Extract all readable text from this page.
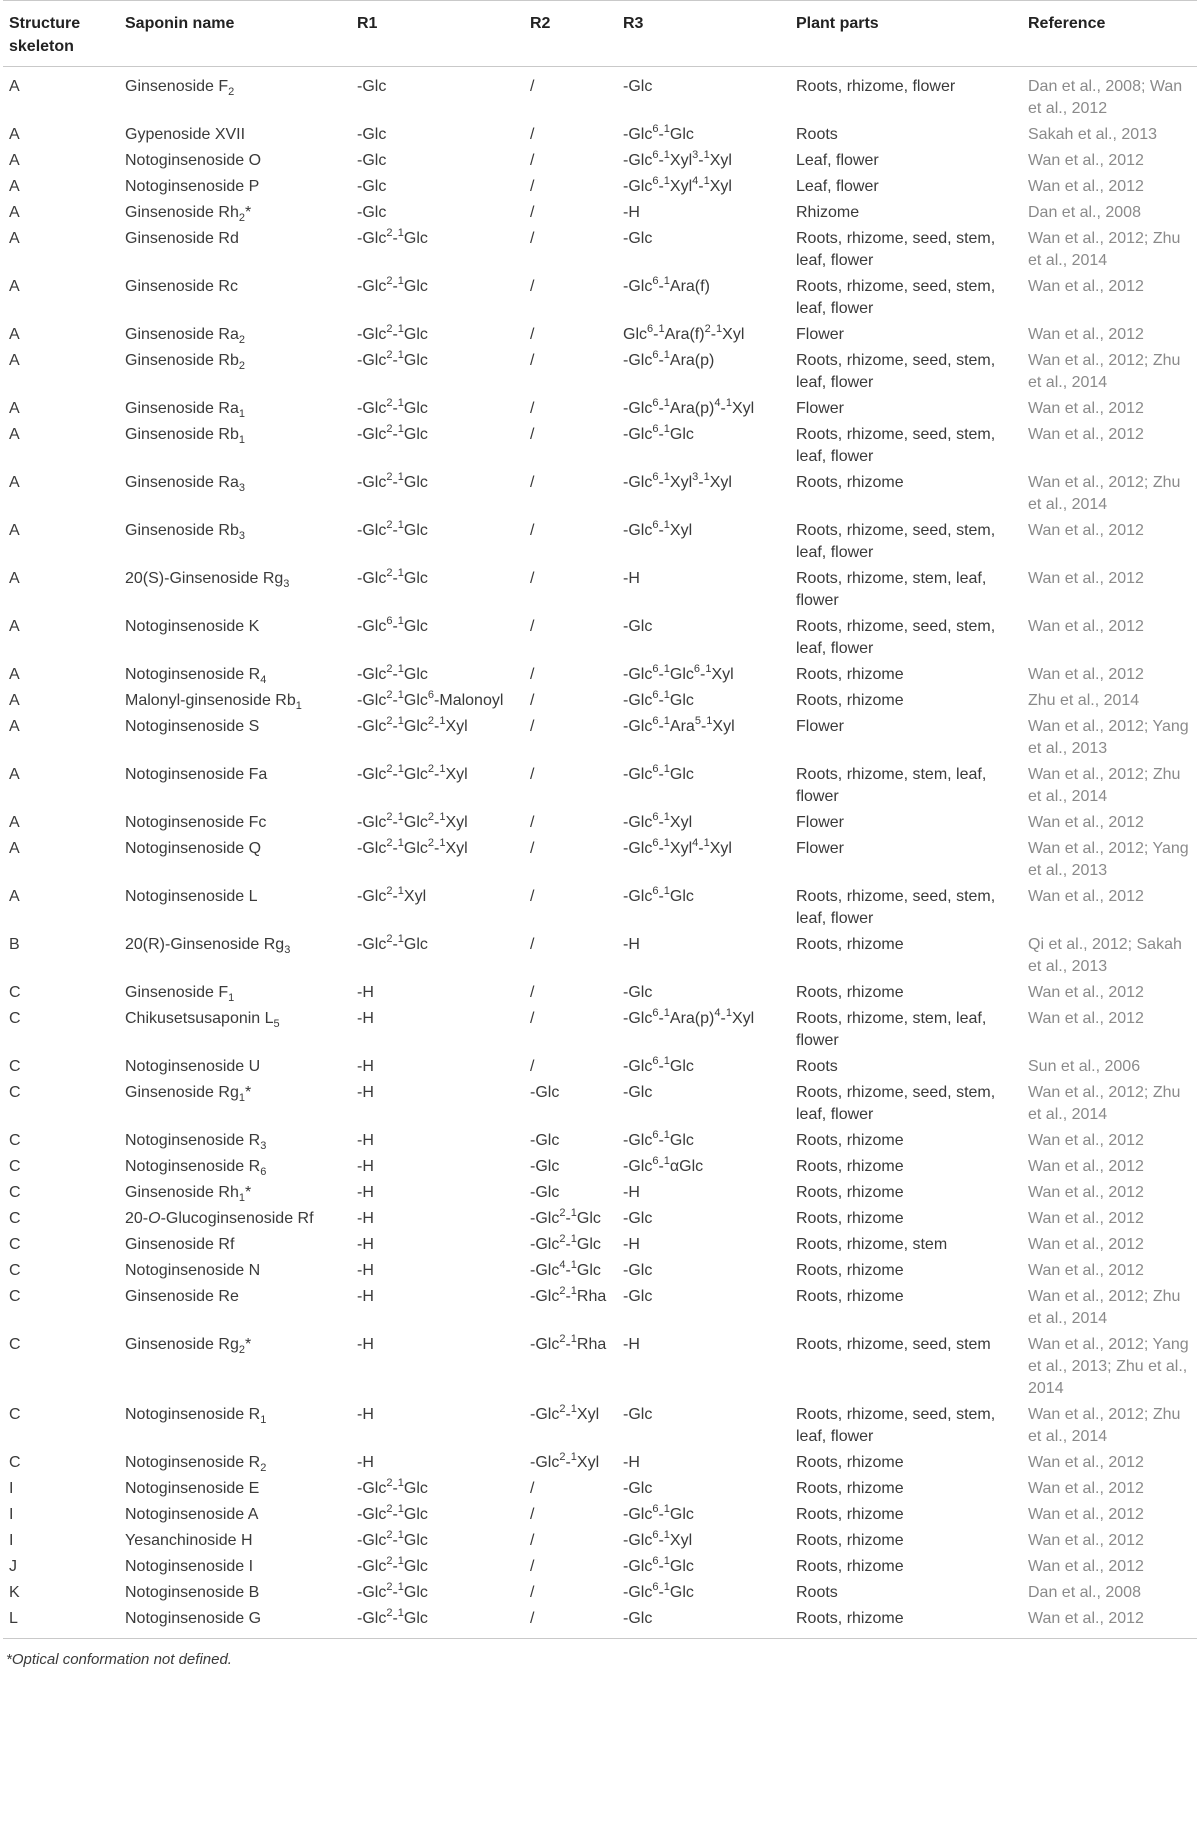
Structure skeleton	Saponin name	R1	R2	R3	Plant parts	Reference
A	Ginsenoside $F_2$	-Glc	/	-Glc	Roots, rhizome, flower	Dan et al., 2008; Wan et al., 2012
A	Gypenoside XVII	-Glc	/	-Glc$^6$-$^1$Glc	Roots	Sakah et al., 2013
A	Notoginsenoside O	-Glc	/	-Glc$^6$-$^1$Xyl$^3$-$^1$Xyl	Leaf, flower	Wan et al., 2012
A	Notoginsenoside P	-Glc	/	-Glc$^6$-$^1$Xyl$^4$-$^1$Xyl	Leaf, flower	Wan et al., 2012
A	Ginsenoside $Rh_2*$	-Glc	/	-H	Rhizome	Dan et al., 2008
A	Ginsenoside Rd	-Glc$^2$-$^1$Glc	/	-Glc	Roots, rhizome, seed, stem, leaf, flower	Wan et al., 2012; Zhu et al., 2014
A	Ginsenoside Rc	-Glc$^2$-$^1$Glc	/	-Glc$^6$-$^1$Ara(f)	Roots, rhizome, seed, stem, leaf, flower	Wan et al., 2012
A	Ginsenoside $Ra_2$	-Glc$^2$-$^1$Glc	/	$Glc^6-^1Ara(f)^2-^1Xyl$	Flower	Wan et al., 2012
A	Ginsenoside $Rb_2$	-Glc$^2$-$^1$Glc	/	-Glc$^6$-$^1$Ara(p)	Roots, rhizome, seed, stem, leaf, flower	Wan et al., 2012; Zhu et al., 2014
A	Ginsenoside $Ra_1$	-Glc$^2$-$^1$Glc	/	$-Glc^6-^1Ara(p)^4-^1Xyl$	Flower	Wan et al., 2012
A	Ginsenoside $Rb_1$	-Glc$^2$-$^1$Glc	/	-Glc$^6$-$^1$Glc	Roots, rhizome, seed, stem, leaf, flower	Wan et al., 2012
A	Ginsenoside $Ra_3$	-Glc$^2$-$^1$Glc	/	-Glc$^6$-$^1$Xyl$^3$-$^1$Xyl	Roots, rhizome	Wan et al., 2012; Zhu et al., 2014
A	Ginsenoside $Rb_3$	-Glc$^2$-$^1$Glc	/	-Glc$^6$-$^1$Xyl	Roots, rhizome, seed, stem, leaf, flower	Wan et al., 2012
A	20(S)-Ginsenoside $Rg_3$	-Glc$^2$-$^1$Glc	/	-H	Roots, rhizome, stem, leaf, flower	Wan et al., 2012
A	Notoginsenoside K	-Glc$^6$-$^1$Glc	/	-Glc	Roots, rhizome, seed, stem, leaf, flower	Wan et al., 2012
A	Notoginsenoside $R_4$	-Glc$^2$-$^1$Glc	/	-Glc$^6$-$^1$Glc$^6$-$^1$Xyl	Roots, rhizome	Wan et al., 2012
A	Malonyl-ginsenoside $Rb_1$	-Glc$^2$-$^1$Glc$^6$-Malonoyl	/	-Glc$^6$-$^1$Glc	Roots, rhizome	Zhu et al., 2014
A	Notoginsenoside S	-Glc$^2$-$^1$Glc$^2$-$^1$Xyl	/	-Glc$^6$-$^1$Ara$^5$-$^1$Xyl	Flower	Wan et al., 2012; Yang et al., 2013
A	Notoginsenoside Fa	-Glc$^2$-$^1$Glc$^2$-$^1$Xyl	/	-Glc$^6$-$^1$Glc	Roots, rhizome, stem, leaf, flower	Wan et al., 2012; Zhu et al., 2014
A	Notoginsenoside Fc	-Glc$^2$-$^1$Glc$^2$-$^1$Xyl	/	-Glc$^6$-$^1$Xyl	Flower	Wan et al., 2012
A	Notoginsenoside Q	-Glc$^2$-$^1$Glc$^2$-$^1$Xyl	/	-Glc$^6$-$^1$Xyl$^4$-$^1$Xyl	Flower	Wan et al., 2012; Yang et al., 2013
A	Notoginsenoside L	-Glc$^2$-$^1$Xyl	/	-Glc$^6$-$^1$Glc	Roots, rhizome, seed, stem, leaf, flower	Wan et al., 2012
B	20(R)-Ginsenoside $Rg_3$	-Glc$^2$-$^1$Glc	/	-H	Roots, rhizome	Qi et al., 2012; Sakah et al., 2013
C	Ginsenoside $F_1$	-H	/	-Glc	Roots, rhizome	Wan et al., 2012
C	Chikusetsusaponin $L_5$	-H	/	$-Glc^6-^1Ara(p)^4-^1Xyl$	Roots, rhizome, stem, leaf, flower	Wan et al., 2012
C	Notoginsenoside U	-H	/	-Glc$^6$-$^1$Glc	Roots	Sun et al., 2006
C	Ginsenoside $Rg_1*$	-H	-Glc	-Glc	Roots, rhizome, seed, stem, leaf, flower	Wan et al., 2012; Zhu et al., 2014
C	Notoginsenoside $R_3$	-H	-Glc	-Glc$^6$-$^1$Glc	Roots, rhizome	Wan et al., 2012
C	Notoginsenoside $R_6$	-H	-Glc	-Glc$^6$-$^1$αGlc	Roots, rhizome	Wan et al., 2012
C	Ginsenoside $Rh_1*$	-H	-Glc	-H	Roots, rhizome	Wan et al., 2012
C	20-O-Glucoginsenoside Rf	-H	-Glc$^2$-$^1$Glc	-Glc	Roots, rhizome	Wan et al., 2012
C	Ginsenoside Rf	-H	-Glc$^2$-$^1$Glc	-H	Roots, rhizome, stem	Wan et al., 2012
C	Notoginsenoside N	-H	-Glc$^4$-$^1$Glc	-Glc	Roots, rhizome	Wan et al., 2012
C	Ginsenoside Re	-H	-Glc$^2$-$^1$Rha	-Glc	Roots, rhizome	Wan et al., 2012; Zhu et al., 2014
C	Ginsenoside $Rg_2*$	-H	-Glc$^2$-$^1$Rha	-H	Roots, rhizome, seed, stem	Wan et al., 2012; Yang et al., 2013; Zhu et al., 2014
C	Notoginsenoside $R_1$	-H	-Glc$^2$-$^1$Xyl	-Glc	Roots, rhizome, seed, stem, leaf, flower	Wan et al., 2012; Zhu et al., 2014
C	Notoginsenoside $R_2$	-H	-Glc$^2$-$^1$Xyl	-H	Roots, rhizome	Wan et al., 2012
I	Notoginsenoside E	-Glc$^2$-$^1$Glc	/	-Glc	Roots, rhizome	Wan et al., 2012
I	Notoginsenoside A	-Glc$^2$-$^1$Glc	/	-Glc$^6$-$^1$Glc	Roots, rhizome	Wan et al., 2012
I	Yesanchinoside H	-Glc$^2$-$^1$Glc	/	-Glc$^6$-$^1$Xyl	Roots, rhizome	Wan et al., 2012
J	Notoginsenoside I	-Glc$^2$-$^1$Glc	/	-Glc$^6$-$^1$Glc	Roots, rhizome	Wan et al., 2012
K	Notoginsenoside B	-Glc$^2$-$^1$Glc	/	-Glc$^6$-$^1$Glc	Roots	Dan et al., 2008
L	Notoginsenoside G	-Glc$^2$-$^1$Glc	/	-Glc	Roots, rhizome	Wan et al., 2012
*Optical conformation not defined.
